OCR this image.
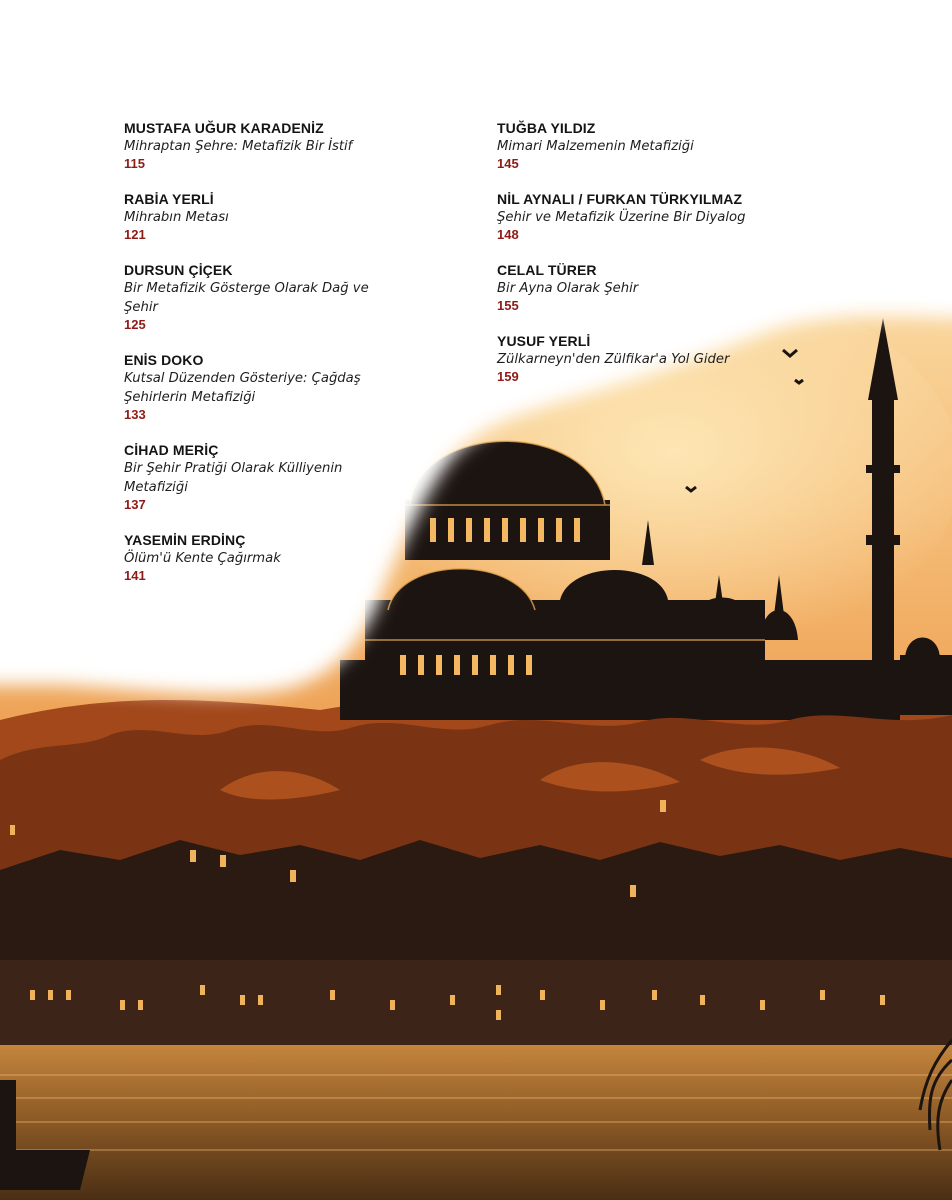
MUSTAFA UĞUR KARADENİZ
Mihraptan Şehre: Metafizik Bir İstif
115
RABİA YERLİ
Mihrabın Metası
121
DURSUN ÇİÇEK
Bir Metafizik Gösterge Olarak Dağ ve Şehir
125
ENİS DOKO
Kutsal Düzenden Gösteriye: Çağdaş Şehirlerin Metafiziği
133
CİHAD MERİÇ
Bir Şehir Pratiği Olarak Külliyenin Metafiziği
137
YASEMİN ERDİNÇ
Ölüm'ü Kente Çağırmak
141
TUĞBA YILDIZ
Mimari Malzemenin Metafiziği
145
NİL AYNALI / FURKAN TÜRKYILMAZ
Şehir ve Metafizik Üzerine Bir Diyalog
148
CELAL TÜRER
Bir Ayna Olarak Şehir
155
YUSUF YERLİ
Zülkarneyn'den Zülfikar'a Yol Gider
159
